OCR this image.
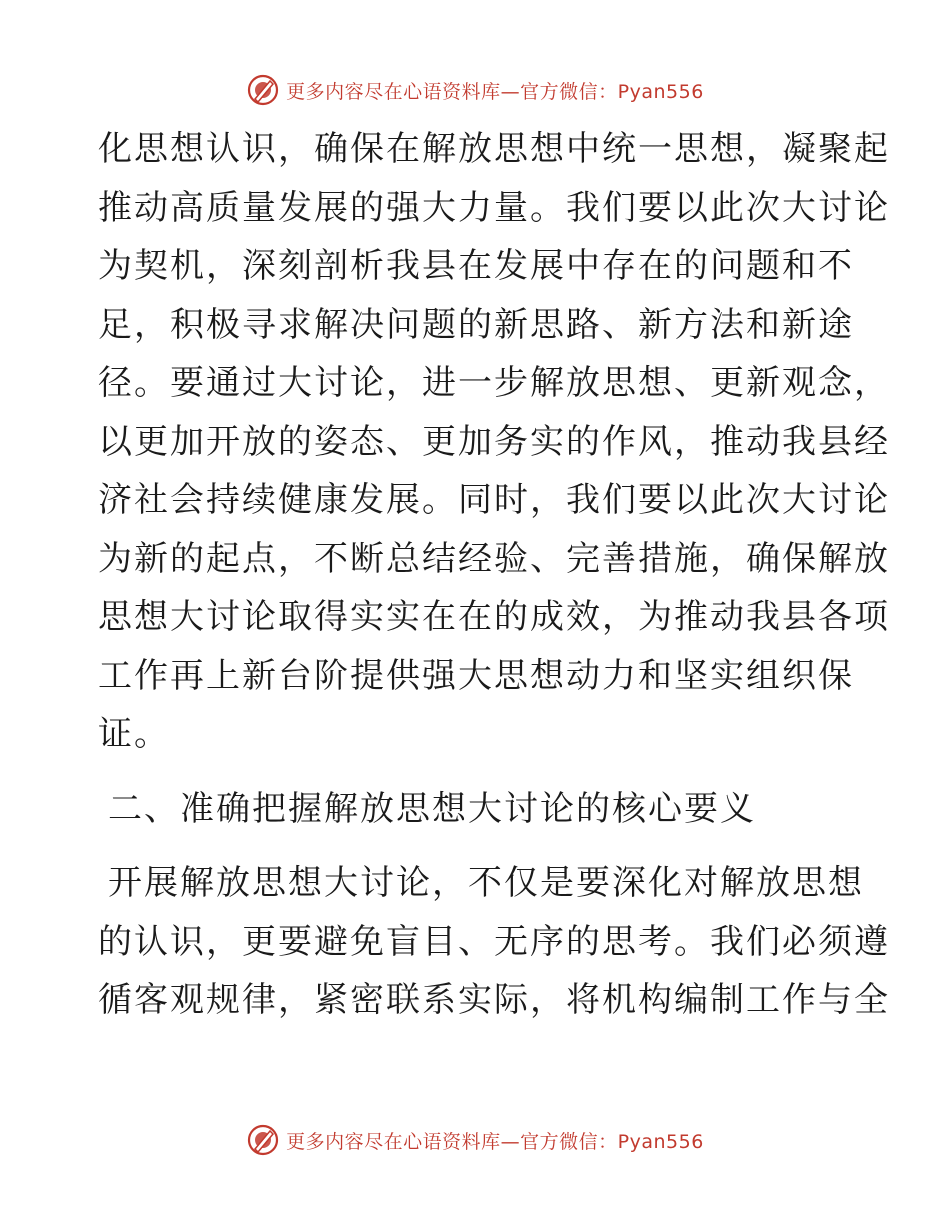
更多内容尽在心语资料库—官方微信：Pyan556
化思想认识，确保在解放思想中统一思想，凝聚起
推动高质量发展的强大力量。我们要以此次大讨论
为契机，深刻剖析我县在发展中存在的问题和不
足，积极寻求解决问题的新思路、新方法和新途
径。要通过大讨论，进一步解放思想、更新观念，
以更加开放的姿态、更加务实的作风，推动我县经
济社会持续健康发展。同时，我们要以此次大讨论
为新的起点，不断总结经验、完善措施，确保解放
思想大讨论取得实实在在的成效，为推动我县各项
工作再上新台阶提供强大思想动力和坚实组织保
证。
二、准确把握解放思想大讨论的核心要义
开展解放思想大讨论，不仅是要深化对解放思想
的认识，更要避免盲目、无序的思考。我们必须遵
循客观规律，紧密联系实际，将机构编制工作与全
更多内容尽在心语资料库—官方微信：Pyan556
